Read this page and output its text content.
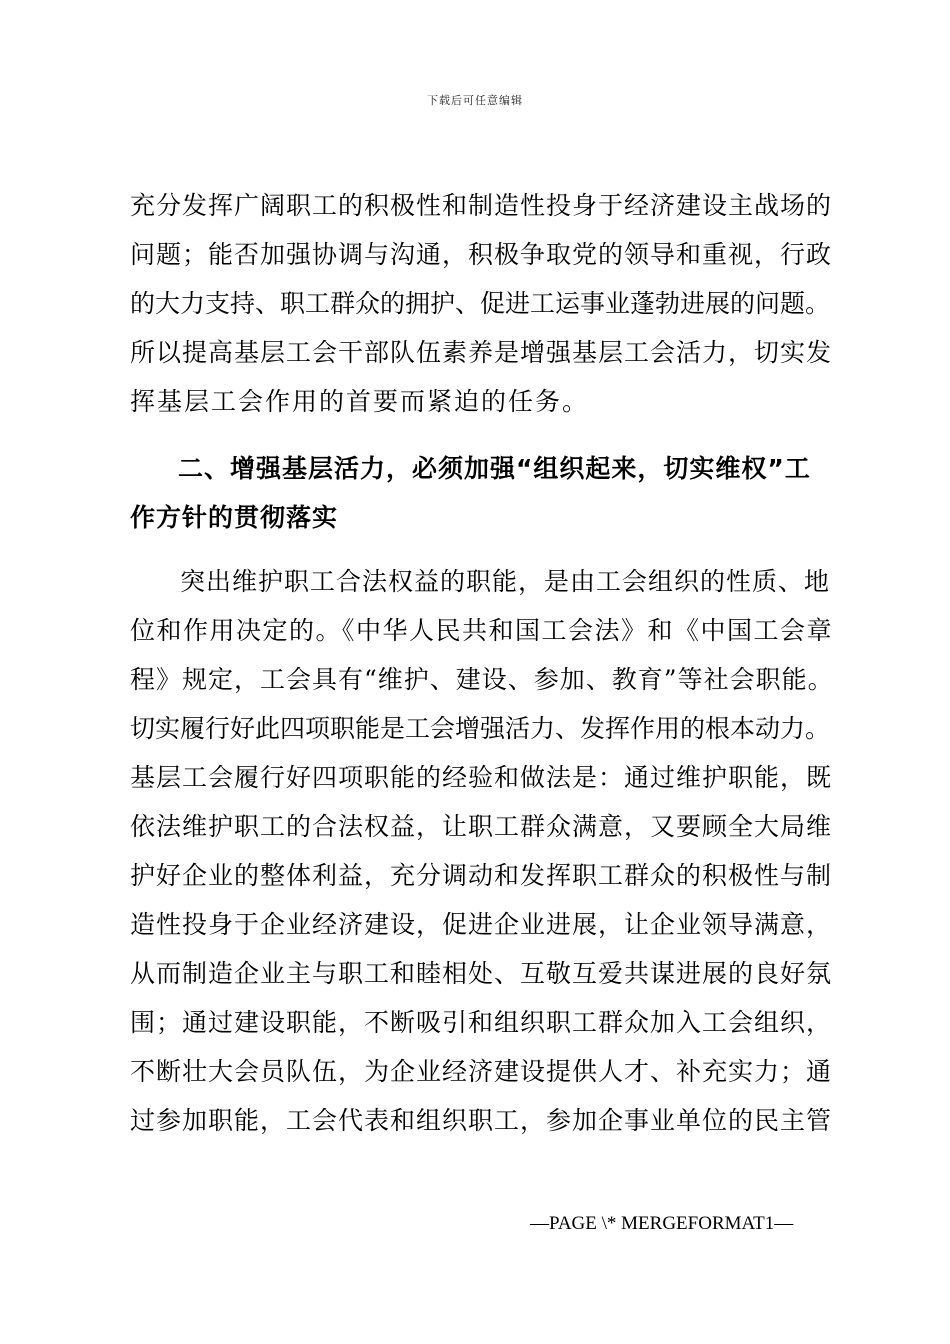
下载后可任意编辑
充分发挥广阔职工的积极性和制造性投身于经济建设主战场的
问题；能否加强协调与沟通，积极争取党的领导和重视，行政
的大力支持、职工群众的拥护、促进工运事业蓬勃进展的问题。
所以提高基层工会干部队伍素养是增强基层工会活力，切实发
挥基层工会作用的首要而紧迫的任务。
二、增强基层活力，必须加强“组织起来，切实维权”工
作方针的贯彻落实
突出维护职工合法权益的职能，是由工会组织的性质、地
位和作用决定的。《中华人民共和国工会法》和《中国工会章
程》规定，工会具有“维护、建设、参加、教育”等社会职能。
切实履行好此四项职能是工会增强活力、发挥作用的根本动力。
基层工会履行好四项职能的经验和做法是：通过维护职能，既
依法维护职工的合法权益，让职工群众满意，又要顾全大局维
护好企业的整体利益，充分调动和发挥职工群众的积极性与制
造性投身于企业经济建设，促进企业进展，让企业领导满意，
从而制造企业主与职工和睦相处、互敬互爱共谋进展的良好氛
围；通过建设职能，不断吸引和组织职工群众加入工会组织，
不断壮大会员队伍，为企业经济建设提供人才、补充实力；通
过参加职能，工会代表和组织职工，参加企事业单位的民主管
—PAGE \* MERGEFORMAT1—
